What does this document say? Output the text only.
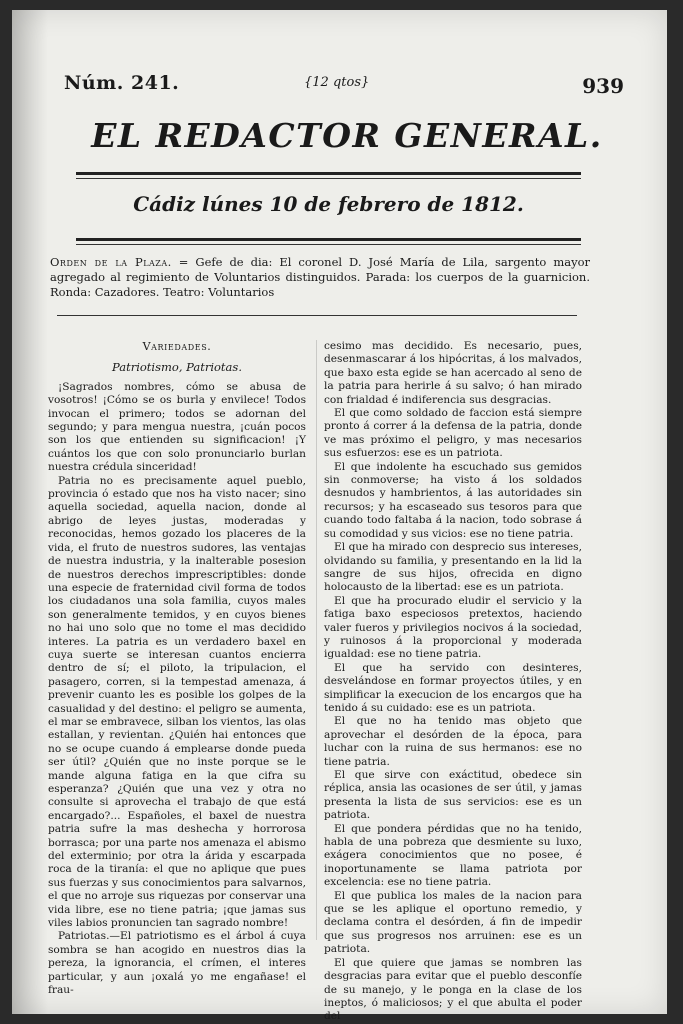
Núm. 241.	{12 qtos}	939
EL REDACTOR GENERAL.
Cádiz lúnes 10 de febrero de 1812.
Orden de la Plaza. = Gefe de dia: El coronel D. José María de Lila, sargento mayor agregado al regimiento de Voluntarios distinguidos. Parada: los cuerpos de la guarnicion. Ronda: Cazadores. Teatro: Voluntarios
Variedades.
Patriotismo, Patriotas.

¡Sagrados nombres, cómo se abusa de vosotros! ¡Cómo se os burla y envilece! Todos invocan el primero; todos se adornan del segundo; y para mengua nuestra, ¡cuán pocos son los que entienden su significacion! ¡Y cuántos los que con solo pronunciarlo burlan nuestra crédula sinceridad!

Patria no es precisamente aquel pueblo, provincia ó estado que nos ha visto nacer; sino aquella sociedad, aquella nacion, donde al abrigo de leyes justas, moderadas y reconocidas, hemos gozado los placeres de la vida, el fruto de nuestros sudores, las ventajas de nuestra industria, y la inalterable posesion de nuestros derechos imprescriptibles: donde una especie de fraternidad civil forma de todos los ciudadanos una sola familia, cuyos males son generalmente temidos, y en cuyos bienes no hai uno solo que no tome el mas decidido interes. La patria es un verdadero baxel en cuya suerte se interesan cuantos encierra dentro de sí; el piloto, la tripulacion, el pasagero, corren, si la tempestad amenaza, á prevenir cuanto les es posible los golpes de la casualidad y del destino: el peligro se aumenta, el mar se embravece, silban los vientos, las olas estallan, y revientan. ¿Quién hai entonces que no se ocupe cuando á emplearse donde pueda ser útil? ¿Quién que no inste porque se le mande alguna fatiga en la que cifra su esperanza? ¿Quién que una vez y otra no consulte si aprovecha el trabajo de que está encargado?... Españoles, el baxel de nuestra patria sufre la mas deshecha y horrorosa borrasca; por una parte nos amenaza el abismo del exterminio; por otra la árida y escarpada roca de la tiranía: el que no aplique que pues sus fuerzas y sus conocimientos para salvarnos, el que no arroje sus riquezas por conservar una vida libre, ese no tiene patria; ¡que jamas sus viles labios pronuncien tan sagrado nombre!

Patriotas.—El patriotismo es el árbol á cuya sombra se han acogido en nuestros dias la pereza, la ignorancia, el crímen, el interes particular, y aun ¡oxalá yo me engañase! el frau-

cesimo mas decidido. Es necesario, pues, desenmascarar á los hipócritas, á los malvados, que baxo esta egide se han acercado al seno de la patria para herirle á su salvo; ó han mirado con frialdad é indiferencia sus desgracias.

El que como soldado de faccion está siempre pronto á correr á la defensa de la patria, donde ve mas próximo el peligro, y mas necesarios sus esfuerzos: ese es un patriota.

El que indolente ha escuchado sus gemidos sin conmoverse; ha visto á los soldados desnudos y hambrientos, á las autoridades sin recursos; y ha escaseado sus tesoros para que cuando todo faltaba á la nacion, todo sobrase á su comodidad y sus vicios: ese no tiene patria.

El que ha mirado con desprecio sus intereses, olvidando su familia, y presentando en la lid la sangre de sus hijos, ofrecida en digno holocausto de la libertad: ese es un patriota.

El que ha procurado eludir el servicio y la fatiga baxo especiosos pretextos, haciendo valer fueros y privilegios nocivos á la sociedad, y ruinosos á la proporcional y moderada igualdad: ese no tiene patria.

El que ha servido con desinteres, desvelándose en formar proyectos útiles, y en simplificar la execucion de los encargos que ha tenido á su cuidado: ese es un patriota.

El que no ha tenido mas objeto que aprovechar el desórden de la época, para luchar con la ruina de sus hermanos: ese no tiene patria.

El que sirve con exáctitud, obedece sin réplica, ansia las ocasiones de ser útil, y jamas presenta la lista de sus servicios: ese es un patriota.

El que pondera pérdidas que no ha tenido, habla de una pobreza que desmiente su luxo, exágera conocimientos que no posee, é inoportunamente se llama patriota por excelencia: ese no tiene patria.

El que publica los males de la nacion para que se les aplique el oportuno remedio, y declama contra el desórden, á fin de impedir que sus progresos nos arruinen: ese es un patriota.

El que quiere que jamas se nombren las desgracias para evitar que el pueblo desconfíe de su manejo, y le ponga en la clase de los ineptos, ó maliciosos; y el que abulta el poder del
